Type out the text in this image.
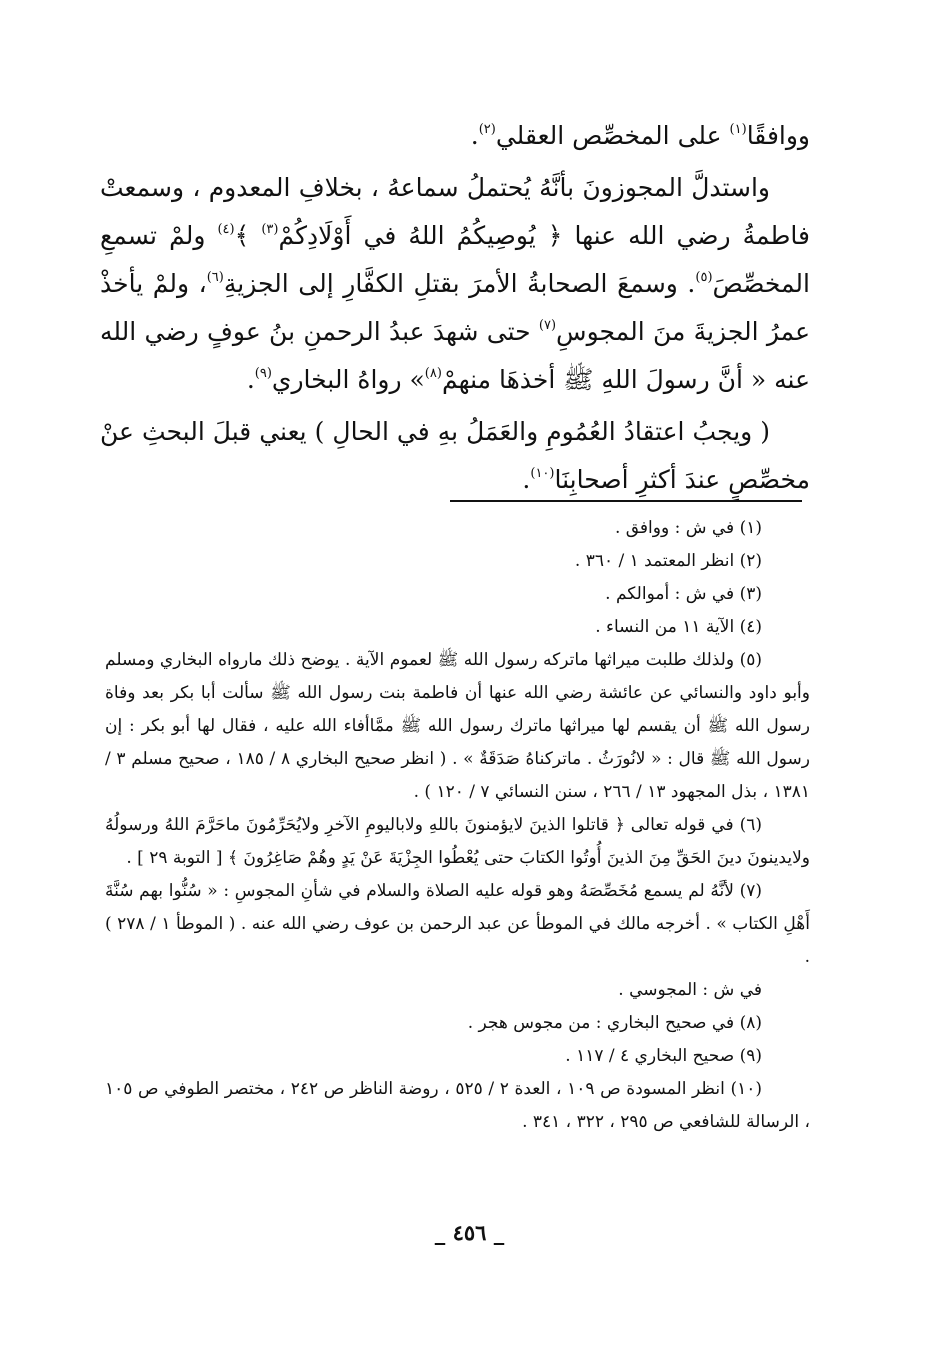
ووافقًا$^{(١)}$ على المخصِّص العقلي$^{(٢)}$.

واستدلَّ المجوزونَ بأنَّهُ يُحتملُ سماعهُ ، بخلافِ المعدوم ، وسمعتْ فاطمةُ رضي الله عنها ﴿ يُوصِيكُمُ اللهُ في أَوْلَادِكُمْ$^{(٣)}$ ﴾$^{(٤)}$ ولمْ تسمعِ المخصِّصَ$^{(٥)}$. وسمعَ الصحابةُ الأمرَ بقتلِ الكفَّارِ إلى الجزيةِ$^{(٦)}$، ولمْ يأخذْ عمرُ الجزيةَ منَ المجوسِ$^{(٧)}$ حتى شهدَ عبدُ الرحمنِ بنُ عوفٍ رضي الله عنه « أنَّ رسولَ اللهِ ﷺ أخذهَا منهمْ$^{(٨)}$» رواهُ البخاري$^{(٩)}$.

( ويجبُ اعتقادُ العُمُومِ والعَمَلُ بهِ في الحالِ ) يعني قبلَ البحثِ عنْ مخصِّصٍ عندَ أكثرِ أصحابِنَا$^{(١٠)}$.

(١) في ش : ووافق .

(٢) انظر المعتمد ١ / ٣٦٠ .

(٣) في ش : أموالكم .

(٤) الآية ١١ من النساء .

(٥) ولذلك طلبت ميراثها ماتركه رسول الله ﷺ لعموم الآية . يوضح ذلك مارواه البخاري ومسلم وأبو داود والنسائي عن عائشة رضي الله عنها أن فاطمة بنت رسول الله ﷺ سألت أبا بكر بعد وفاة رسول الله ﷺ أن يقسم لها ميراثها ماترك رسول الله ﷺ ممَّاأفاء الله عليه ، فقال لها أبو بكر : إن رسول الله ﷺ قال : « لانُورَثُ . ماتركناهُ صَدَقَةٌ » . ( انظر صحيح البخاري ٨ / ١٨٥ ، صحيح مسلم ٣ / ١٣٨١ ، بذل المجهود ١٣ / ٢٦٦ ، سنن النسائي ٧ / ١٢٠ ) .

(٦) في قوله تعالى ﴿ قاتلوا الذينَ لايؤمنونَ باللهِ ولاباليومِ الآخرِ ولايُحَرِّمُونَ ماحَرَّمَ اللهُ ورسولُهُ ولايدينونَ دينَ الحَقِّ مِنَ الذينَ أُوتُوا الكتابَ حتى يُعْطُوا الجِزْيَةَ عَنْ يَدٍ وهُمْ صَاغِرُونَ ﴾ [ التوبة ٢٩ ] .

(٧) لأنَّهُ لم يسمع مُخَصِّصَهُ وهو قوله عليه الصلاة والسلام في شأنِ المجوسِ : « سُنُّوا بهم سُنَّةَ أَهْلِ الكتاب » . أخرجه مالك في الموطأ عن عبد الرحمن بن عوف رضي الله عنه . ( الموطأ ١ / ٢٧٨ ) .

في ش : المجوسي .

(٨) في صحيح البخاري : من مجوس هجر .

(٩) صحيح البخاري ٤ / ١١٧ .

(١٠) انظر المسودة ص ١٠٩ ، العدة ٢ / ٥٢٥ ، روضة الناظر ص ٢٤٢ ، مختصر الطوفي ص ١٠٥ ، الرسالة للشافعي ص ٢٩٥ ، ٣٢٢ ، ٣٤١ .

_ ٤٥٦ _
